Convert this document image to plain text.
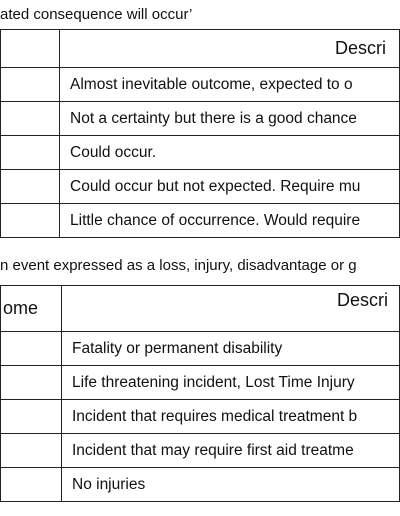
ated consequence will occur’
	Descri
	Almost inevitable outcome, expected to o
	Not a certainty but there is a good chance
	Could occur.
	Could occur but not expected. Require mu
	Little chance of occurrence. Would require
n event expressed as a loss, injury, disadvantage or g
ome	Descri
	Fatality or permanent disability
	Life threatening incident, Lost Time Injury
	Incident that requires medical treatment b
	Incident that may require first aid treatme
	No injuries
